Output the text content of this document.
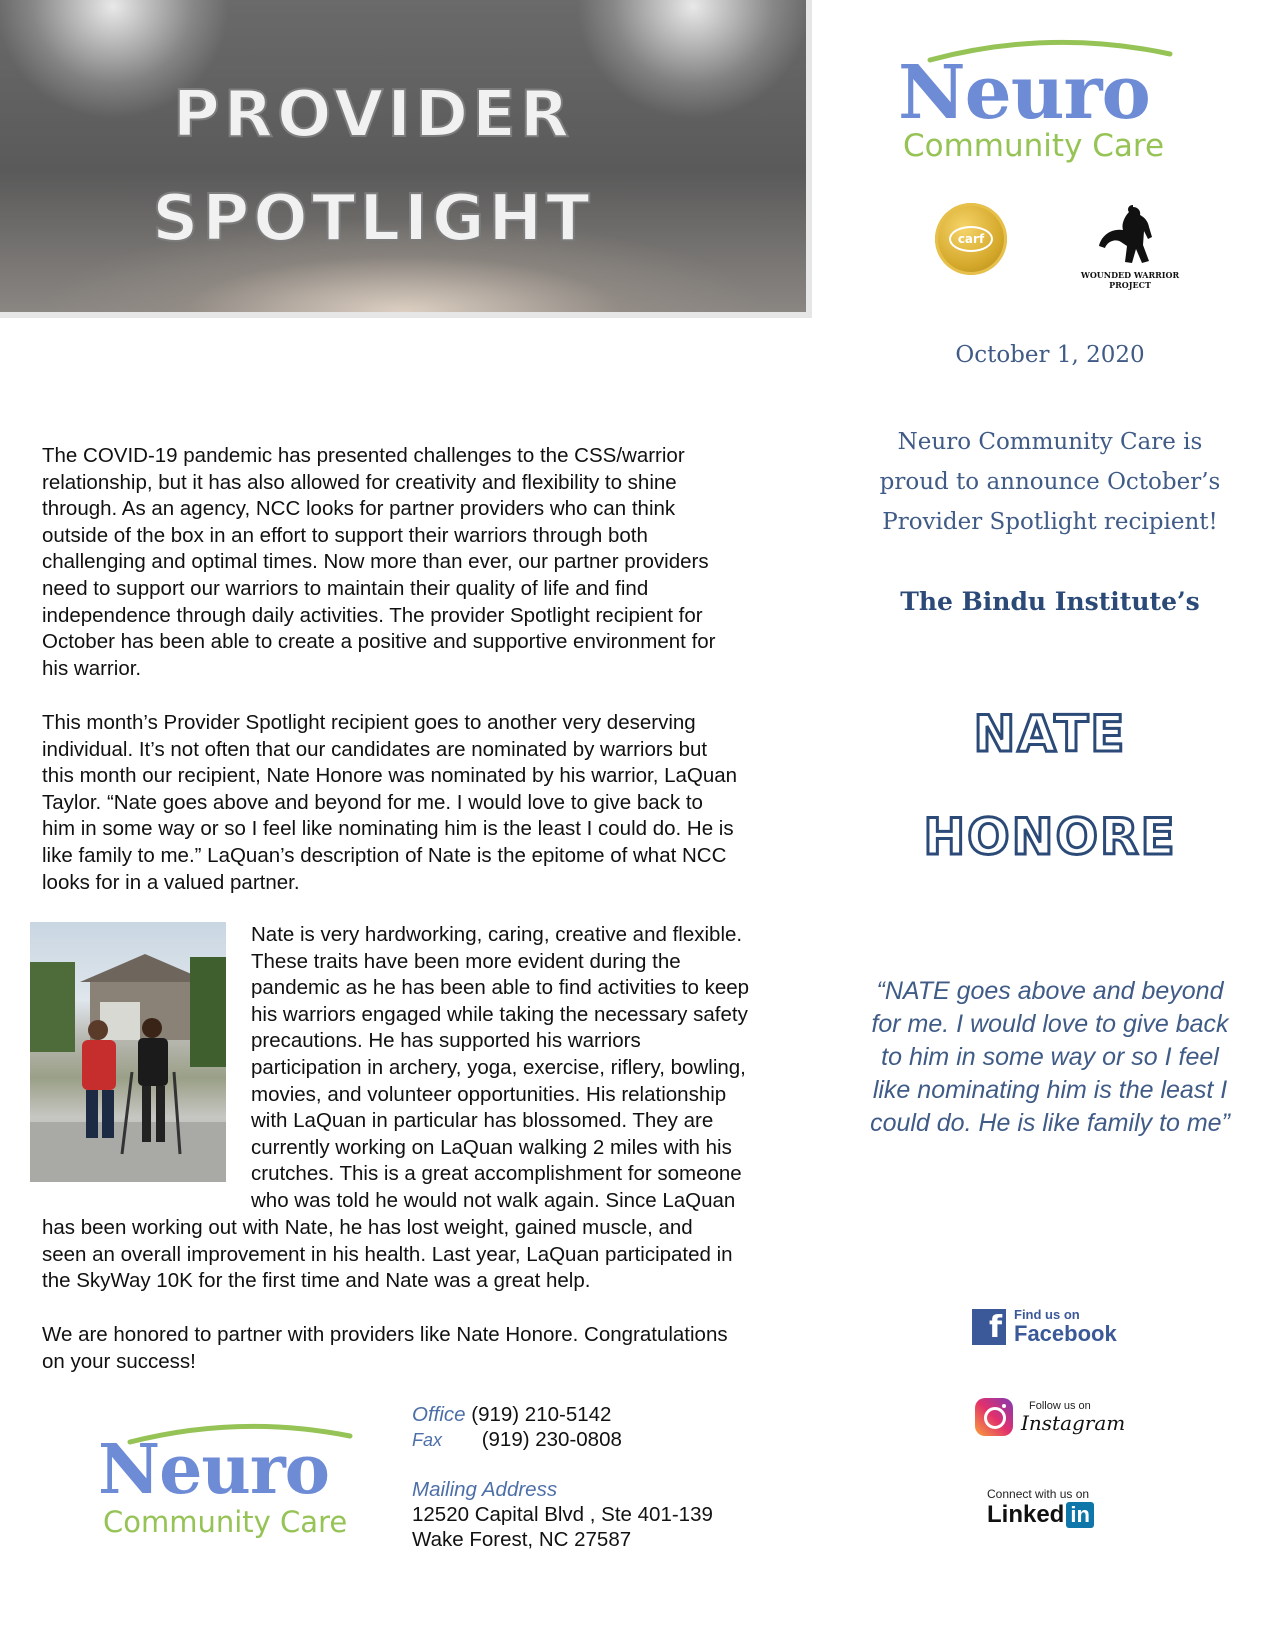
PROVIDER
SPOTLIGHT
Neuro
Community Care
carf
WOUNDED WARRIOR
PROJECT
October 1, 2020
Neuro Community Care is
proud to announce October’s
Provider Spotlight recipient!
The Bindu Institute’s
NATE
HONORE
“NATE goes above and beyond
for me. I would love to give back
to him in some way or so I feel
like nominating him is the least I
could do. He is like family to me”

The COVID-19 pandemic has presented challenges to the CSS/warrior

relationship, but it has also allowed for creativity and flexibility to shine

through. As an agency, NCC looks for partner providers who can think

outside of the box in an effort to support their warriors through both

challenging and optimal times. Now more than ever, our partner providers

need to support our warriors to maintain their quality of life and find

independence through daily activities. The provider Spotlight recipient for

October has been able to create a positive and supportive environment for

his warrior.

This month’s Provider Spotlight recipient goes to another very deserving

individual. It’s not often that our candidates are nominated by warriors but

this month our recipient, Nate Honore was nominated by his warrior, LaQuan

Taylor. “Nate goes above and beyond for me. I would love to give back to

him in some way or so I feel like nominating him is the least I could do. He is

like family to me.” LaQuan’s description of Nate is the epitome of what NCC

looks for in a valued partner.

Nate is very hardworking, caring, creative and flexible.

These traits have been more evident during the

pandemic as he has been able to find activities to keep

his warriors engaged while taking the necessary safety

precautions. He has supported his warriors

participation in archery, yoga, exercise, riflery, bowling,

movies, and volunteer opportunities. His relationship

with LaQuan in particular has blossomed. They are

currently working on LaQuan walking 2 miles with his

crutches. This is a great accomplishment for someone

who was told he would not walk again. Since LaQuan

has been working out with Nate, he has lost weight, gained muscle, and

seen an overall improvement in his health. Last year, LaQuan participated in

the SkyWay 10K for the first time and Nate was a great help.

We are honored to partner with providers like Nate Honore. Congratulations

on your success!

Neuro
Community Care
Office (919) 210-5142
Fax (919) 230-0808
Mailing Address
12520 Capital Blvd , Ste 401-139
Wake Forest, NC 27587
f Find us on
Facebook
Follow us on
Instagram
Connect with us on
Linked in
